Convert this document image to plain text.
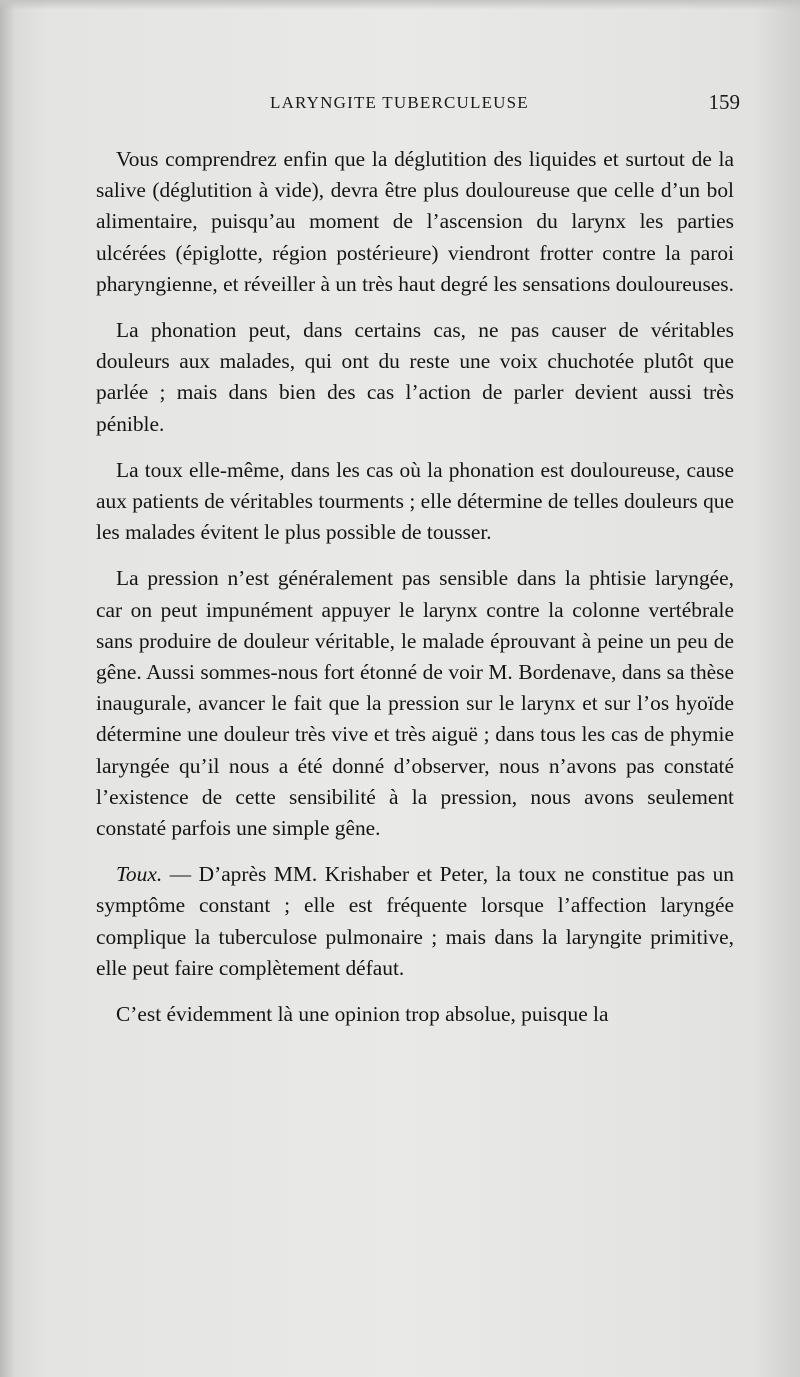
LARYNGITE TUBERCULEUSE	159

Vous comprendrez enfin que la déglutition des liquides et surtout de la salive (déglutition à vide), devra être plus douloureuse que celle d’un bol alimentaire, puisqu’au moment de l’ascension du larynx les parties ulcérées (épiglotte, région postérieure) viendront frotter contre la paroi pharyngienne, et réveiller à un très haut degré les sensations douloureuses.

La phonation peut, dans certains cas, ne pas causer de véritables douleurs aux malades, qui ont du reste une voix chuchotée plutôt que parlée ; mais dans bien des cas l’action de parler devient aussi très pénible.

La toux elle-même, dans les cas où la phonation est douloureuse, cause aux patients de véritables tourments ; elle détermine de telles douleurs que les malades évitent le plus possible de tousser.

La pression n’est généralement pas sensible dans la phtisie laryngée, car on peut impunément appuyer le larynx contre la colonne vertébrale sans produire de douleur véritable, le malade éprouvant à peine un peu de gêne. Aussi sommes-nous fort étonné de voir M. Bordenave, dans sa thèse inaugurale, avancer le fait que la pression sur le larynx et sur l’os hyoïde détermine une douleur très vive et très aiguë ; dans tous les cas de phymie laryngée qu’il nous a été donné d’observer, nous n’avons pas constaté l’existence de cette sensibilité à la pression, nous avons seulement constaté parfois une simple gêne.

Toux. — D’après MM. Krishaber et Peter, la toux ne constitue pas un symptôme constant ; elle est fréquente lorsque l’affection laryngée complique la tuberculose pulmonaire ; mais dans la laryngite primitive, elle peut faire complètement défaut.

C’est évidemment là une opinion trop absolue, puisque la
